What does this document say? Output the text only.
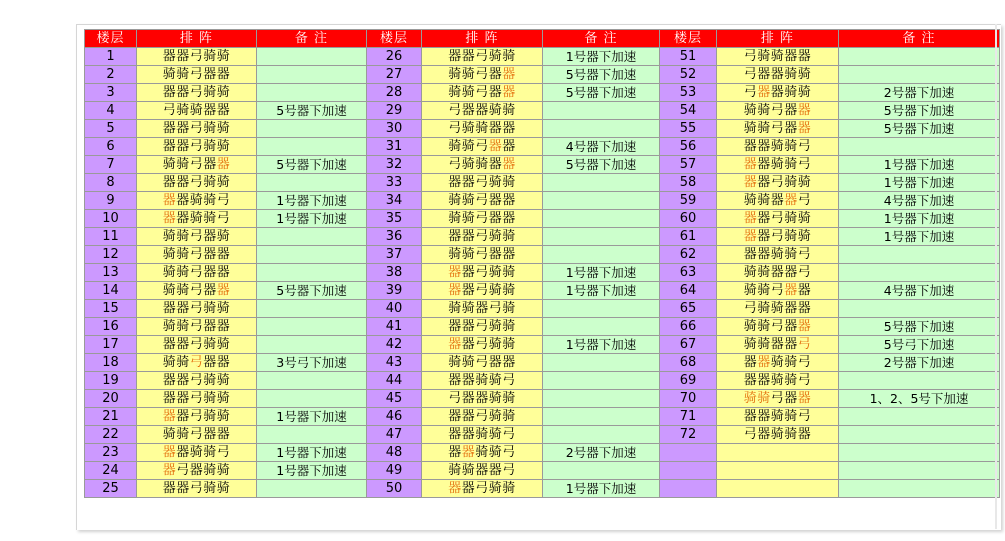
楼层	排 阵	备 注	楼层	排 阵	备 注	楼层	排 阵	备 注
1	器器弓骑骑		26	器器弓骑骑	1号器下加速	51	弓骑骑器器	
2	骑骑弓器器		27	骑骑弓器器	5号器下加速	52	弓器器骑骑	
3	器器弓骑骑		28	骑骑弓器器	5号器下加速	53	弓器器骑骑	2号器下加速
4	弓骑骑器器	5号器下加速	29	弓器器骑骑		54	骑骑弓器器	5号器下加速
5	器器弓骑骑		30	弓骑骑器器		55	骑骑弓器器	5号器下加速
6	器器弓骑骑		31	骑骑弓器器	4号器下加速	56	器器骑骑弓	
7	骑骑弓器器	5号器下加速	32	弓骑骑器器	5号器下加速	57	器器骑骑弓	1号器下加速
8	器器弓骑骑		33	器器弓骑骑		58	器器弓骑骑	1号器下加速
9	器器骑骑弓	1号器下加速	34	骑骑弓器器		59	骑骑器器弓	4号器下加速
10	器器骑骑弓	1号器下加速	35	骑骑弓器器		60	器器弓骑骑	1号器下加速
11	骑骑弓器骑		36	器器弓骑骑		61	器器弓骑骑	1号器下加速
12	骑骑弓器器		37	骑骑弓器器		62	器器骑骑弓	
13	骑骑弓器器		38	器器弓骑骑	1号器下加速	63	骑骑器器弓	
14	骑骑弓器器	5号器下加速	39	器器弓骑骑	1号器下加速	64	骑骑弓器器	4号器下加速
15	器器弓骑骑		40	骑骑器弓骑		65	弓骑骑器器	
16	骑骑弓器器		41	器器弓骑骑		66	骑骑弓器器	5号器下加速
17	器器弓骑骑		42	器器弓骑骑	1号器下加速	67	骑骑器器弓	5号弓下加速
18	骑骑弓器器	3号弓下加速	43	骑骑弓器器		68	器器骑骑弓	2号器下加速
19	器器弓骑骑		44	器器骑骑弓		69	器器骑骑弓	
20	器器弓骑骑		45	弓器器骑骑		70	骑骑弓器器	1、2、5号下加速
21	器器弓骑骑	1号器下加速	46	器器弓骑骑		71	器器骑骑弓	
22	骑骑弓器器		47	器器骑骑弓		72	弓器骑骑器	
23	器器骑骑弓	1号器下加速	48	器器骑骑弓	2号器下加速			
24	器弓器骑骑	1号器下加速	49	骑骑器器弓				
25	器器弓骑骑		50	器器弓骑骑	1号器下加速			
